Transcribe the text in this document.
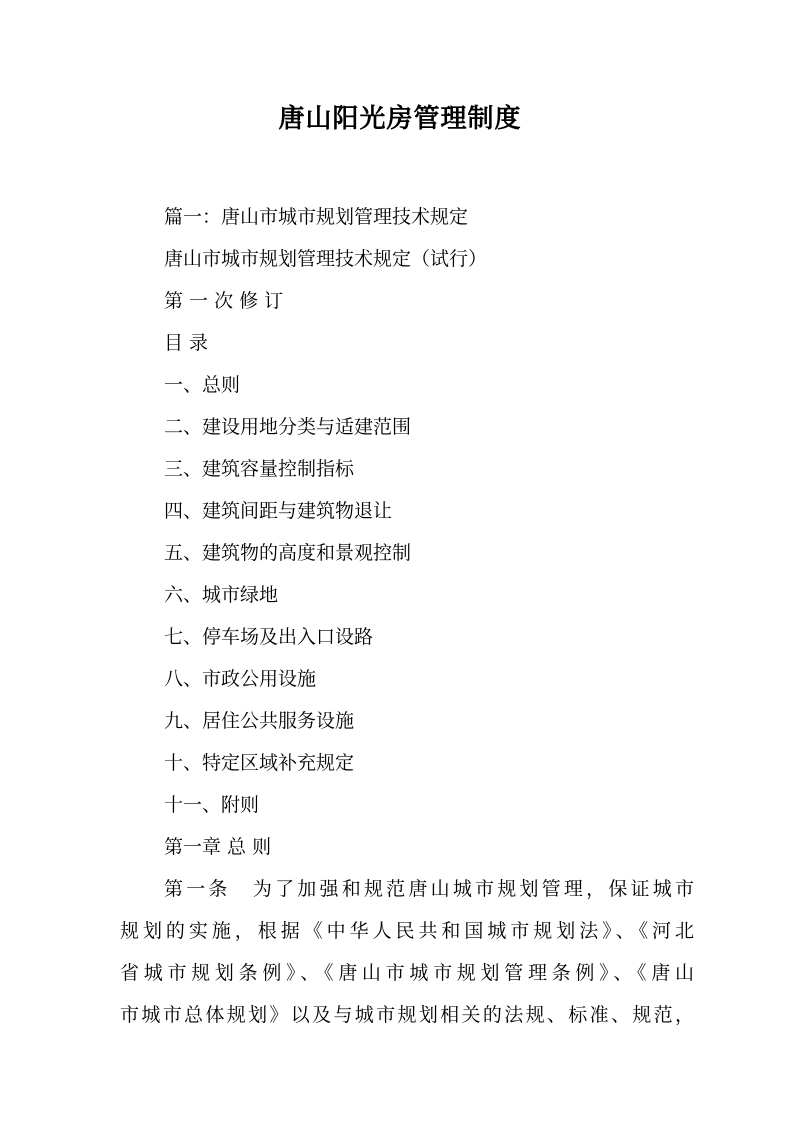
唐山阳光房管理制度
篇一：唐山市城市规划管理技术规定
唐山市城市规划管理技术规定（试行）
第 一 次 修 订
目 录
一、总则
二、建设用地分类与适建范围
三、建筑容量控制指标
四、建筑间距与建筑物退让
五、建筑物的高度和景观控制
六、城市绿地
七、停车场及出入口设路
八、市政公用设施
九、居住公共服务设施
十、特定区域补充规定
十一、附则
第一章 总 则
第一条　为了加强和规范唐山城市规划管理，保证城市
规划的实施，根据《中华人民共和国城市规划法》、《河北
省城市规划条例》、《唐山市城市规划管理条例》、《唐山
市城市总体规划》以及与城市规划相关的法规、标准、规范，
